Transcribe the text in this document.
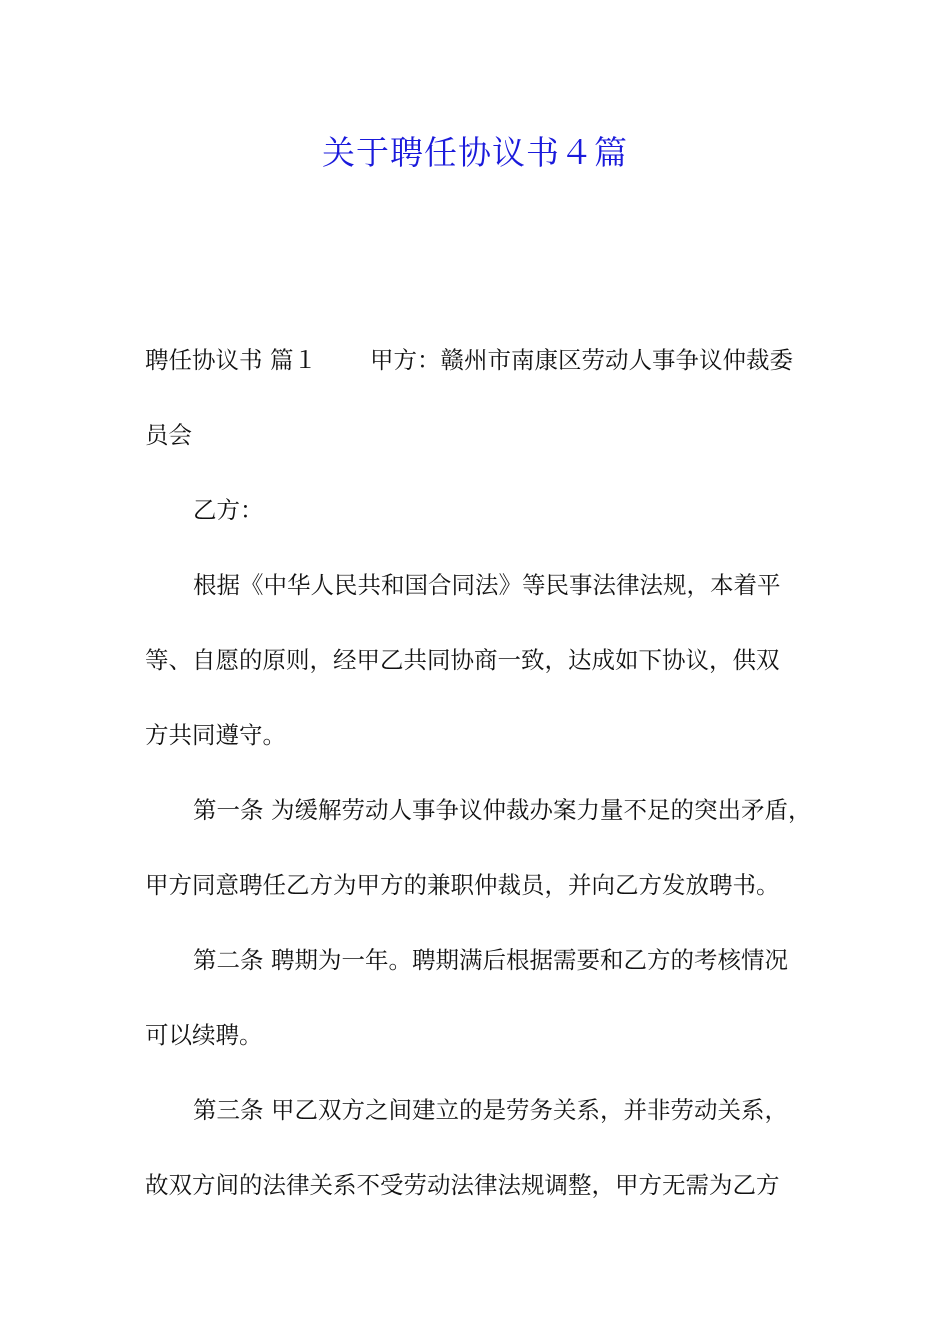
关于聘任协议书４篇
聘任协议书 篇１ 甲方：赣州市南康区劳动人事争议仲裁委
员会
乙方：
根据《中华人民共和国合同法》等民事法律法规，本着平
等、自愿的原则，经甲乙共同协商一致，达成如下协议，供双
方共同遵守。
第一条 为缓解劳动人事争议仲裁办案力量不足的突出矛盾，
甲方同意聘任乙方为甲方的兼职仲裁员，并向乙方发放聘书。
第二条 聘期为一年。聘期满后根据需要和乙方的考核情况
可以续聘。
第三条 甲乙双方之间建立的是劳务关系，并非劳动关系，
故双方间的法律关系不受劳动法律法规调整，甲方无需为乙方
